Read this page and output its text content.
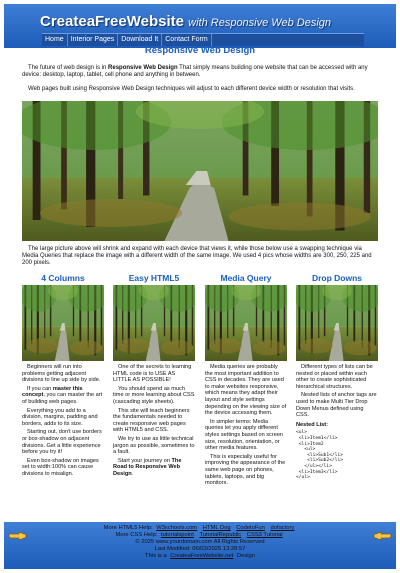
CreateaFreeWebsite with Responsive Web Design
Home	Interior Pages	Download It	Contact Form
Responsive Web Design

The future of web design is in Responsive Web Design That simply means building one website that can be accessed with any device: desktop, laptop, tablet, cell phone and anything in between.

Web pages built using Responsive Web Design techniques will adjust to each different device width or resolution that visits.

The large picture above will shrink and expand with each device that views it, while those below use a swapping technique via Media Queries that replace the image with a different width of the same image. We used 4 pics whose widths are 300, 250, 225 and 200 pixels.

4 Columns

Beginners will run into problems getting adjacent divisions to line up side by side.

If you can master this concept, you can master the art of building web pages.

Everything you add to a division, margins, padding and borders, adds to its size.

Starting out, don't use borders or box-shadow on adjacent divisions. Get a little experience before you try it!

Even box-shadow on images set to width:100% can cause divisions to misalign.

Easy HTML5

One of the secrets to learning HTML code is to USE AS LITTLE AS POSSIBLE!

You should spend as much time or more learning about CSS (cascading style sheets).

This site will teach beginners the fundamentals needed to create responsive web pages with HTML5 and CSS.

We try to use as little technical jargon as possible, sometimes to a fault.

Start your journey on The Road to Responsive Web Design.

Media Query

Media queries are probably the most important addition to CSS in decades. They are used to make websites responsive, which means they adapt their layout and style settings depending on the viewing size of the device accessing them.

In simpler terms: Media queries let you apply different styles settings based on screen size, resolution, orientation, or other media features.

This is especially useful for improving the appearance of the same web page on phones, tablets, laptops, and big monitors.

Drop Downs

Different types of lists can be nested or placed within each other to create sophisticated hierarchical structures.

Nested lists of anchor tags are used to make Multi Tier Drop Down Menus defined using CSS.

Nested List:
<ul>
<li>Item1</li>
<li>Item2
<ul>
<li>Sub1</li>
<li>Sub2</li>
</ul></li>
<li>Item3</li>
</ul>
More HTML5 Help: W3schools.com HTML Dog CodetoFun dofactory
More CSS Help: tutorialspoint TutorialRepublic CSS3 Tutorial
© 2025 www.yourdomain.com All Rights Reserved
Last Modified: 06/03/2025 13:28:57
This is a CreateaFreeWebsite.net Design
